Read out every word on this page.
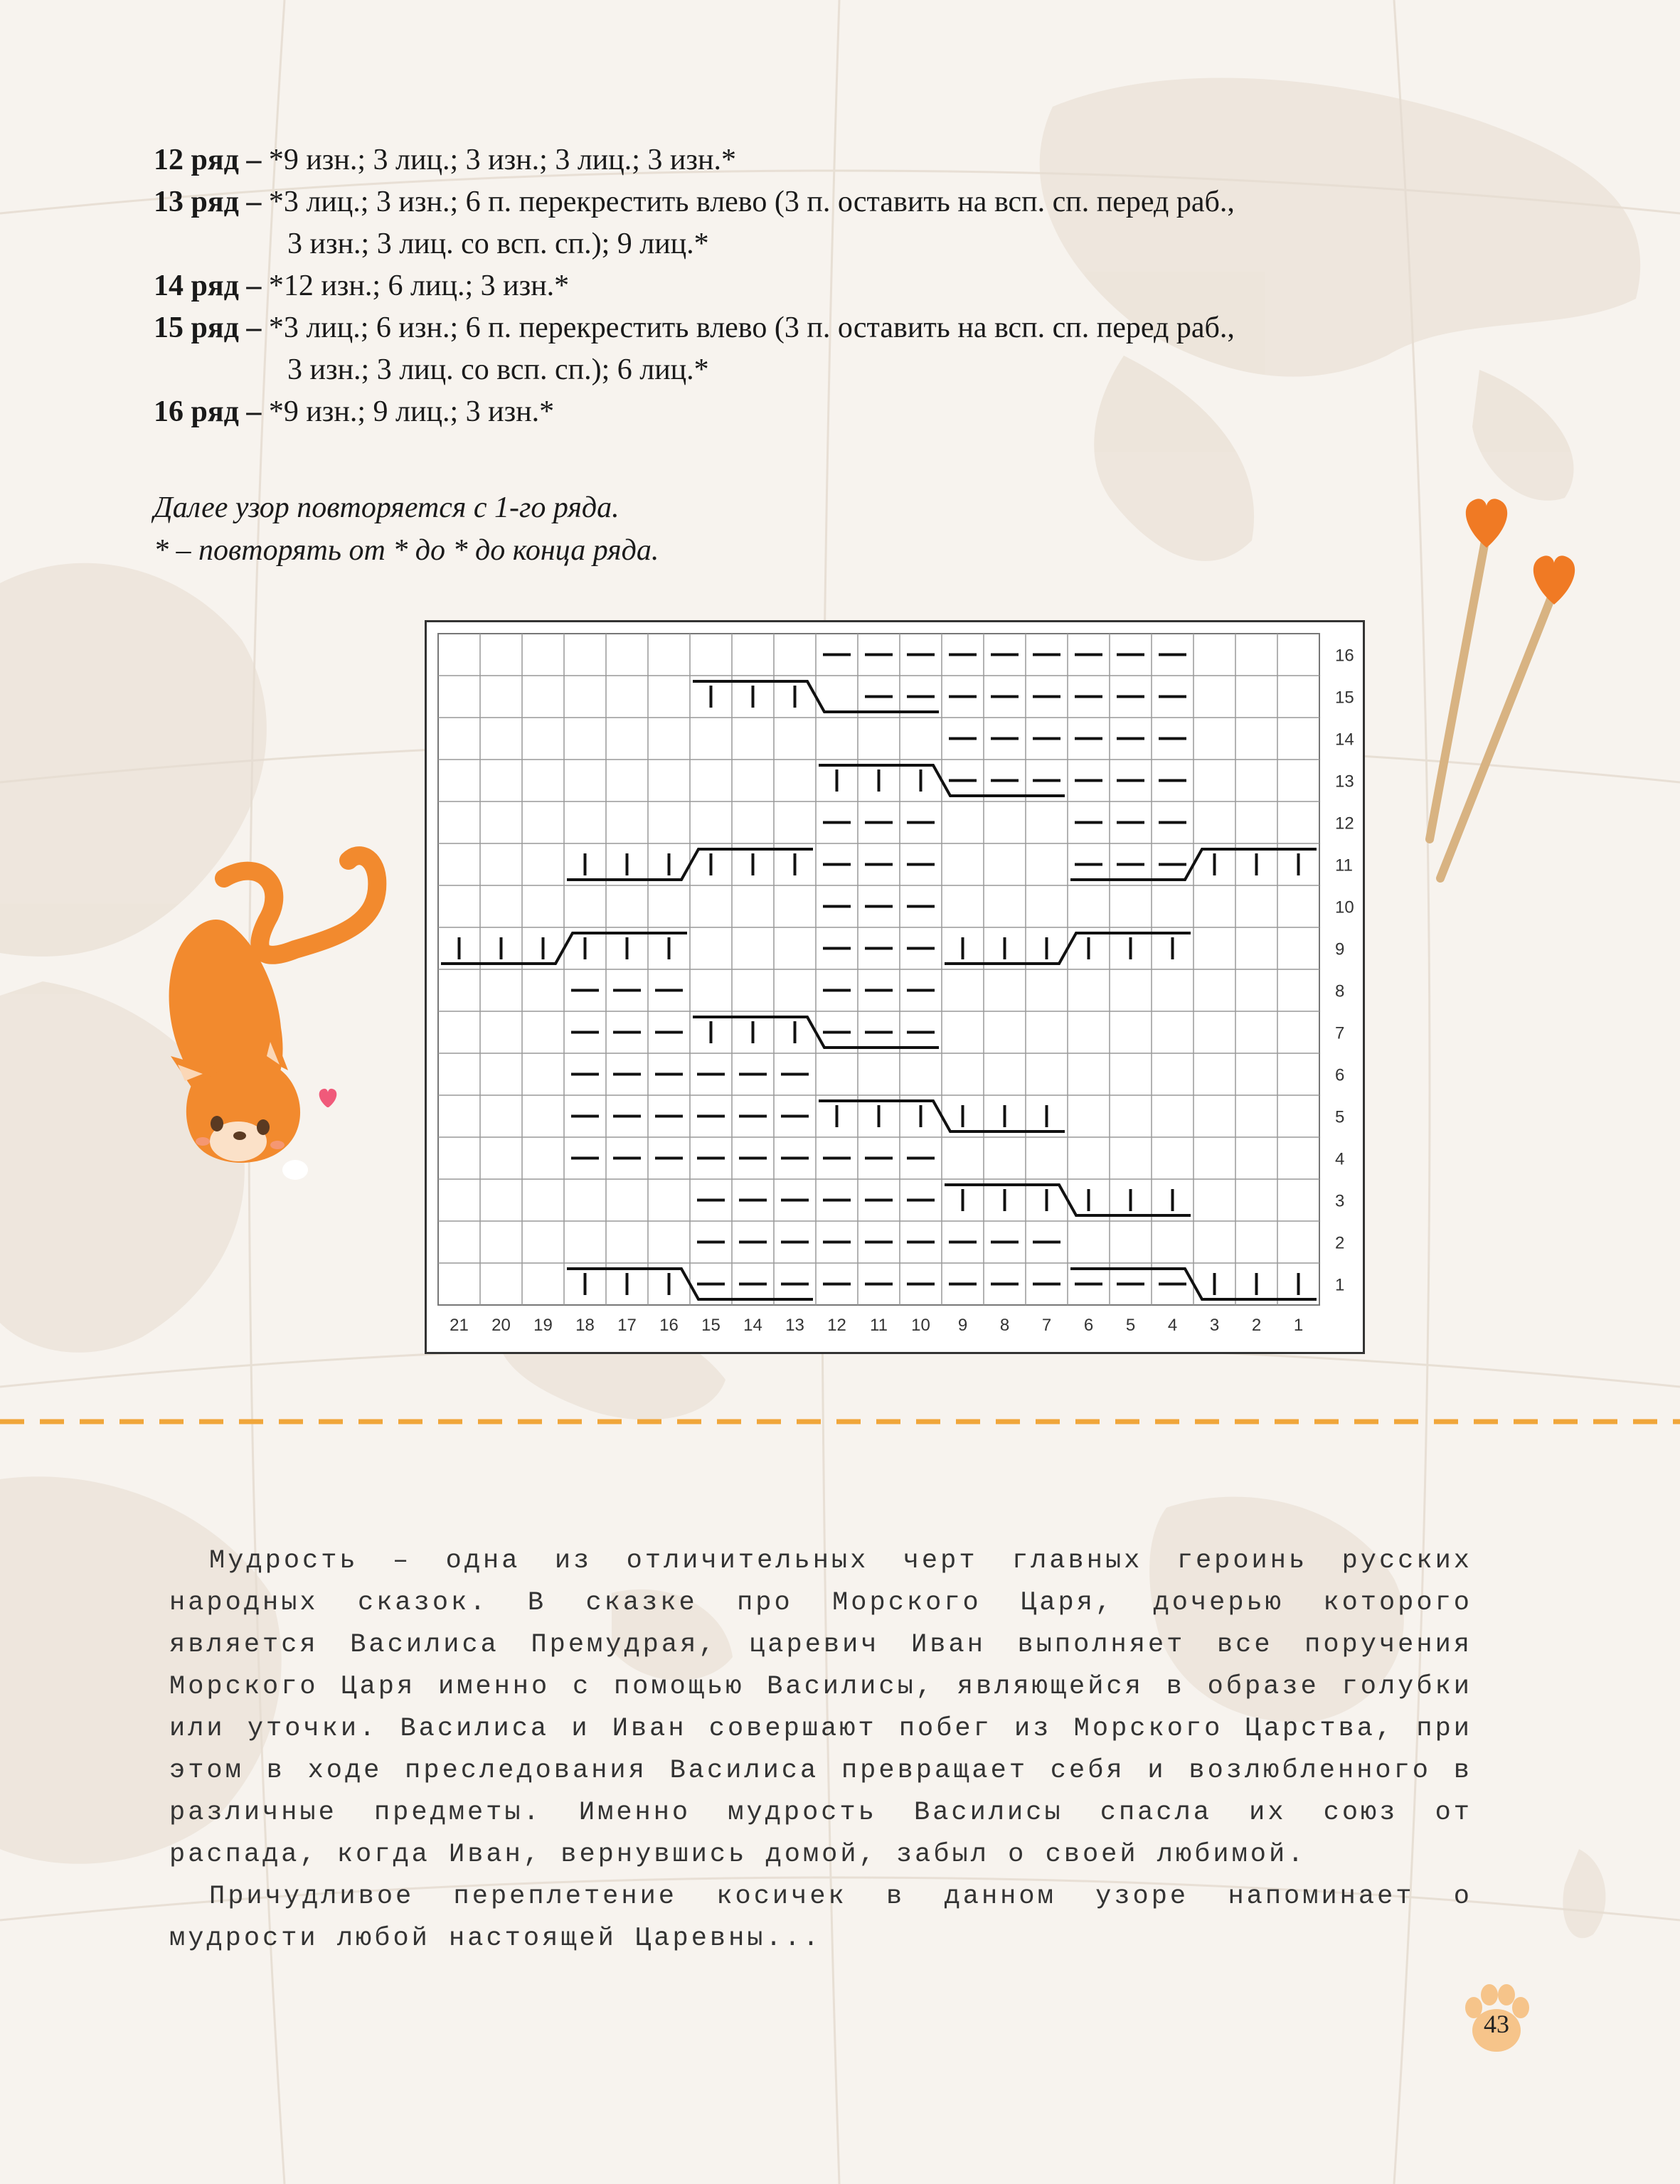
12 ряд – *9 изн.; 3 лиц.; 3 изн.; 3 лиц.; 3 изн.*
13 ряд – *3 лиц.; 3 изн.; 6 п. перекрестить влево (3 п. оставить на всп. сп. перед раб.,
3 изн.; 3 лиц. со всп. сп.); 9 лиц.*
14 ряд – *12 изн.; 6 лиц.; 3 изн.*
15 ряд – *3 лиц.; 6 изн.; 6 п. перекрестить влево (3 п. оставить на всп. сп. перед раб.,
3 изн.; 3 лиц. со всп. сп.); 6 лиц.*
16 ряд – *9 изн.; 9 лиц.; 3 изн.*
Далее узор повторяется с 1-го ряда.
* – повторять от * до * до конца ряда.
16
15
14
13
12
11
10
9
8
7
6
5
4
3
2
1
21 20 19 18 17 16 15 14 13 12 11 10 9 8 7 6 5 4 3 2 1

Мудрость – одна из отличительных черт главных героинь русских народных сказок. В сказке про Морского Царя, дочерью которого является Василиса Премудрая, царевич Иван выполняет все поручения Морского Царя именно с помощью Василисы, являющейся в образе голубки или уточки. Василиса и Иван совершают побег из Морского Царства, при этом в ходе преследования Василиса превращает себя и возлюбленного в различные предметы. Именно мудрость Василисы спасла их союз от распада, когда Иван, вернувшись домой, забыл о своей любимой.

Причудливое переплетение косичек в данном узоре напоминает о мудрости любой настоящей Царевны...

43
